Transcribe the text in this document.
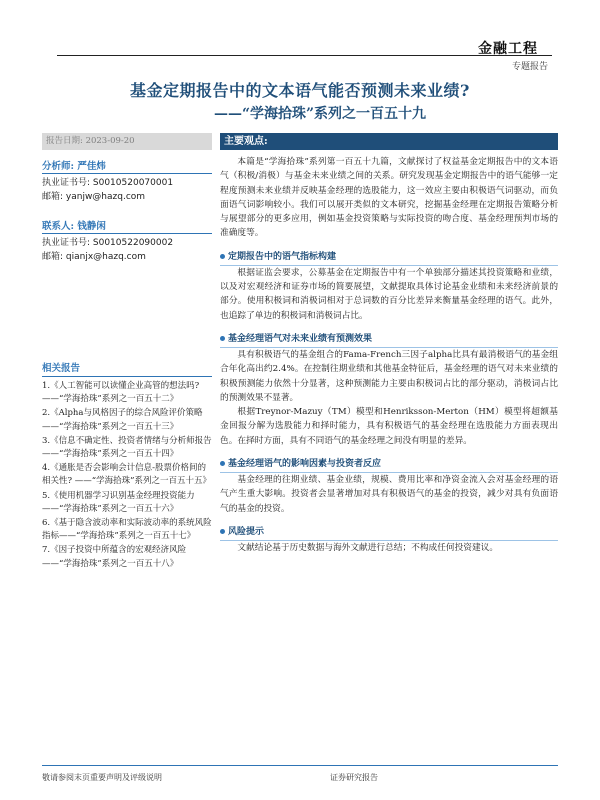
金融工程
专题报告
基金定期报告中的文本语气能否预测未来业绩?
——“学海拾珠”系列之一百五十九
报告日期: 2023-09-20
分析师: 严佳炜
执业证书号: S0010520070001
邮箱: yanjw@hazq.com
联系人: 钱静闲
执业证书号: S0010522090002
邮箱: qianjx@hazq.com
相关报告
1.《人工智能可以读懂企业高管的想法吗? ——“学海拾珠”系列之一百五十二》
2.《Alpha与风格因子的综合风险评价策略——“学海拾珠”系列之一百五十三》
3.《信息不确定性、投资者情绪与分析师报告——“学海拾珠”系列之一百五十四》
4.《通胀是否会影响会计信息-股票价格间的相关性? ——“学海拾珠”系列之一百五十五》
5.《使用机器学习识别基金经理投资能力——“学海拾珠”系列之一百五十六》
6.《基于隐含波动率和实际波动率的系统风险指标——“学海拾珠”系列之一百五十七》
7.《因子投资中所蕴含的宏观经济风险——“学海拾珠”系列之一百五十八》
主要观点:
本篇是“学海拾珠”系列第一百五十九篇，文献探讨了权益基金定期报告中的文本语气（积极/消极）与基金未来业绩之间的关系。研究发现基金定期报告中的语气能够一定程度预测未来业绩并反映基金经理的选股能力，这一效应主要由积极语气词驱动，而负面语气词影响较小。我们可以展开类似的文本研究，挖掘基金经理在定期报告策略分析与展望部分的更多应用，例如基金投资策略与实际投资的吻合度、基金经理预判市场的准确度等。
定期报告中的语气指标构建
根据证监会要求，公募基金在定期报告中有一个单独部分描述其投资策略和业绩，以及对宏观经济和证券市场的简要展望，文献提取具体讨论基金业绩和未来经济前景的部分。使用积极词和消极词相对于总词数的百分比差异来衡量基金经理的语气。此外，也追踪了单边的积极词和消极词占比。
基金经理语气对未来业绩有预测效果
具有积极语气的基金组合的Fama-French三因子alpha比具有最消极语气的基金组合年化高出约2.4%。在控制往期业绩和其他基金特征后，基金经理的语气对未来业绩的积极预测能力依然十分显著，这种预测能力主要由积极词占比的部分驱动，消极词占比的预测效果不显著。
根据Treynor-Mazuy（TM）模型和Henriksson-Merton（HM）模型将超额基金回报分解为选股能力和择时能力，具有积极语气的基金经理在选股能力方面表现出色。在择时方面，具有不同语气的基金经理之间没有明显的差异。
基金经理语气的影响因素与投资者反应
基金经理的往期业绩、基金业绩，规模、费用比率和净资金流入会对基金经理的语气产生重大影响。投资者会显著增加对具有积极语气的基金的投资，减少对具有负面语气的基金的投资。
风险提示
文献结论基于历史数据与海外文献进行总结；不构成任何投资建议。
敬请参阅末页重要声明及评级说明	证券研究报告
